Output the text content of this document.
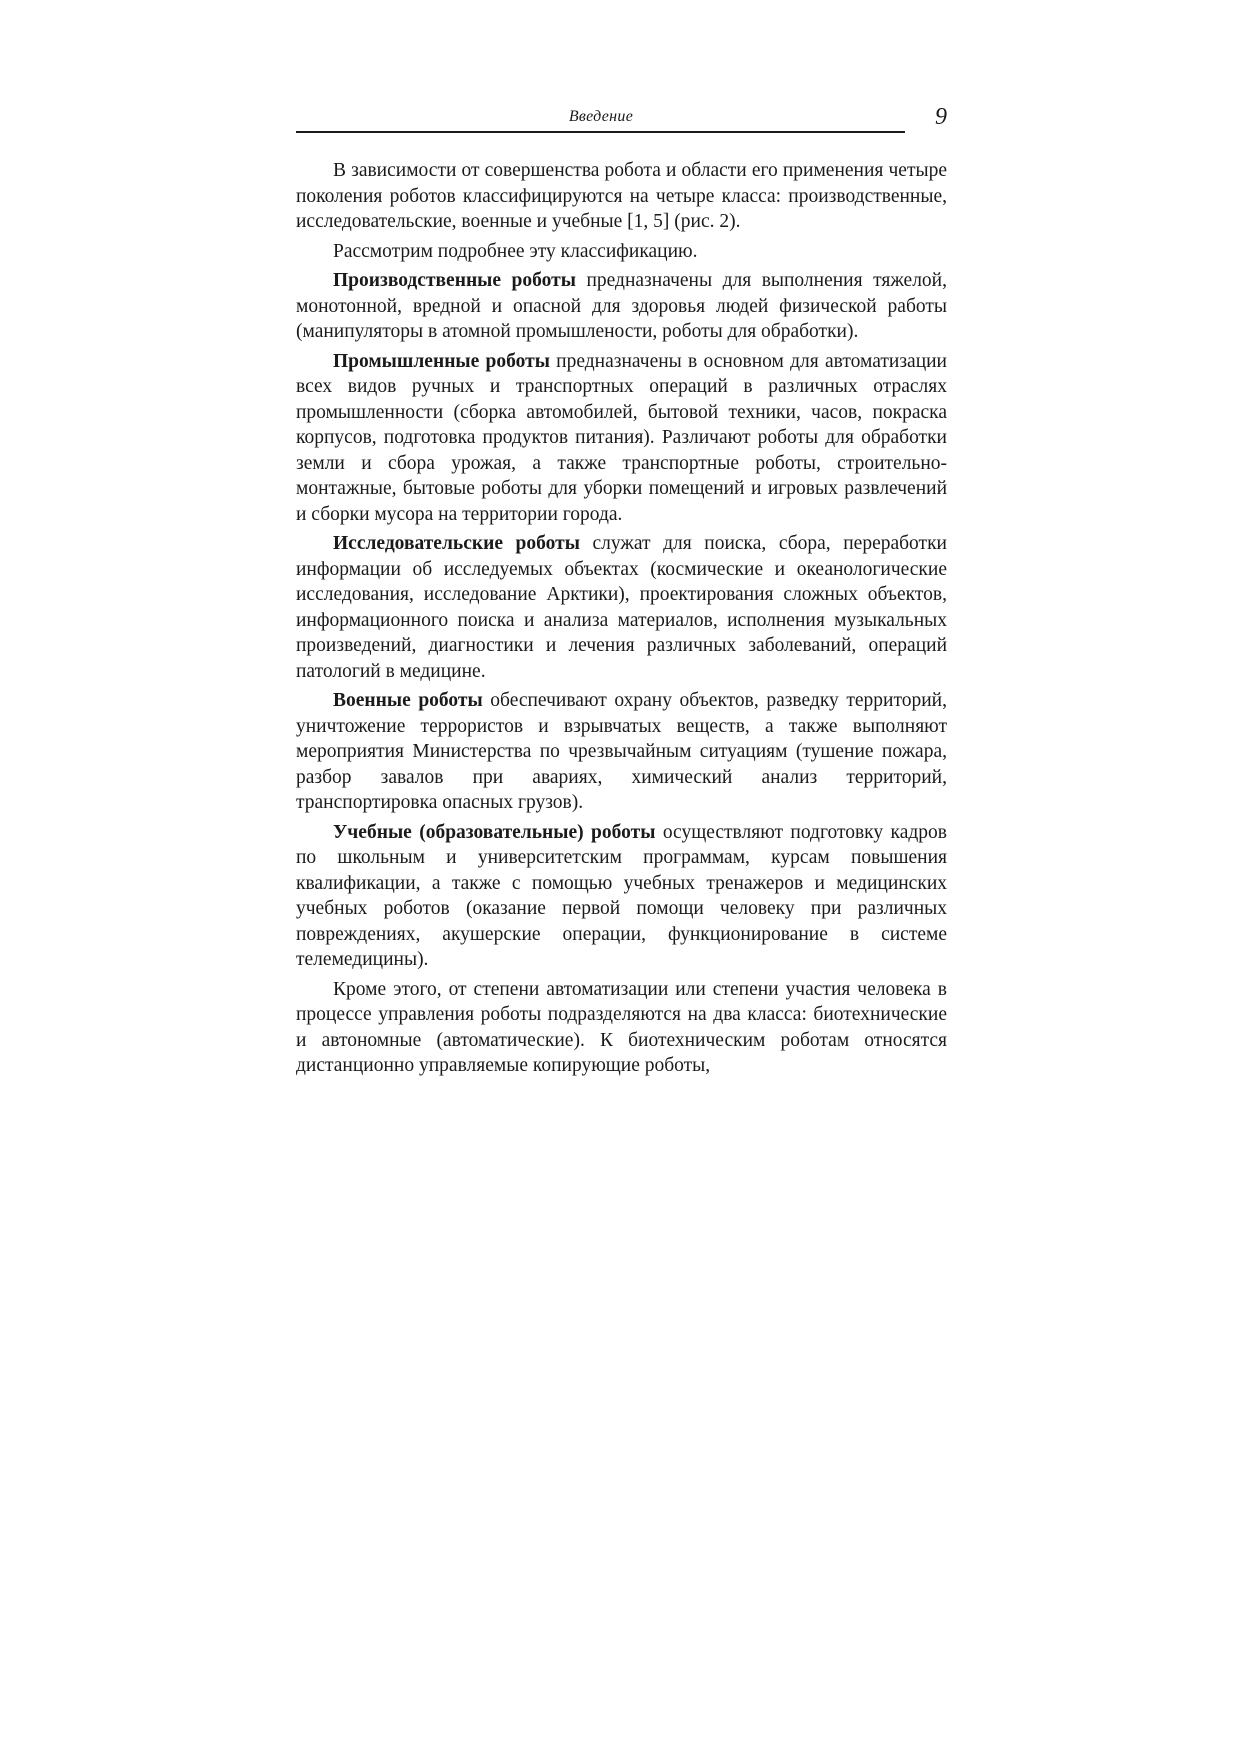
Введение	9

В зависимости от совершенства робота и области его применения четыре поколения роботов классифицируются на четыре класса: производственные, исследовательские, военные и учебные [1, 5] (рис. 2).

Рассмотрим подробнее эту классификацию.

Производственные роботы предназначены для выполнения тяжелой, монотонной, вредной и опасной для здоровья людей физической работы (манипуляторы в атомной промышлености, роботы для обработки).

Промышленные роботы предназначены в основном для автоматизации всех видов ручных и транспортных операций в различных отраслях промышленности (сборка автомобилей, бытовой техники, часов, покраска корпусов, подготовка продуктов питания). Различают роботы для обработки земли и сбора урожая, а также транспортные роботы, строительно-монтажные, бытовые роботы для уборки помещений и игровых развлечений и сборки мусора на территории города.

Исследовательские роботы служат для поиска, сбора, переработки информации об исследуемых объектах (космические и океанологические исследования, исследование Арктики), проектирования сложных объектов, информационного поиска и анализа материалов, исполнения музыкальных произведений, диагностики и лечения различных заболеваний, операций патологий в медицине.

Военные роботы обеспечивают охрану объектов, разведку территорий, уничтожение террористов и взрывчатых веществ, а также выполняют мероприятия Министерства по чрезвычайным ситуациям (тушение пожара, разбор завалов при авариях, химический анализ территорий, транспортировка опасных грузов).

Учебные (образовательные) роботы осуществляют подготовку кадров по школьным и университетским программам, курсам повышения квалификации, а также с помощью учебных тренажеров и медицинских учебных роботов (оказание первой помощи человеку при различных повреждениях, акушерские операции, функционирование в системе телемедицины).

Кроме этого, от степени автоматизации или степени участия человека в процессе управления роботы подразделяются на два класса: биотехнические и автономные (автоматические). К биотехническим роботам относятся дистанционно управляемые копирующие роботы,
